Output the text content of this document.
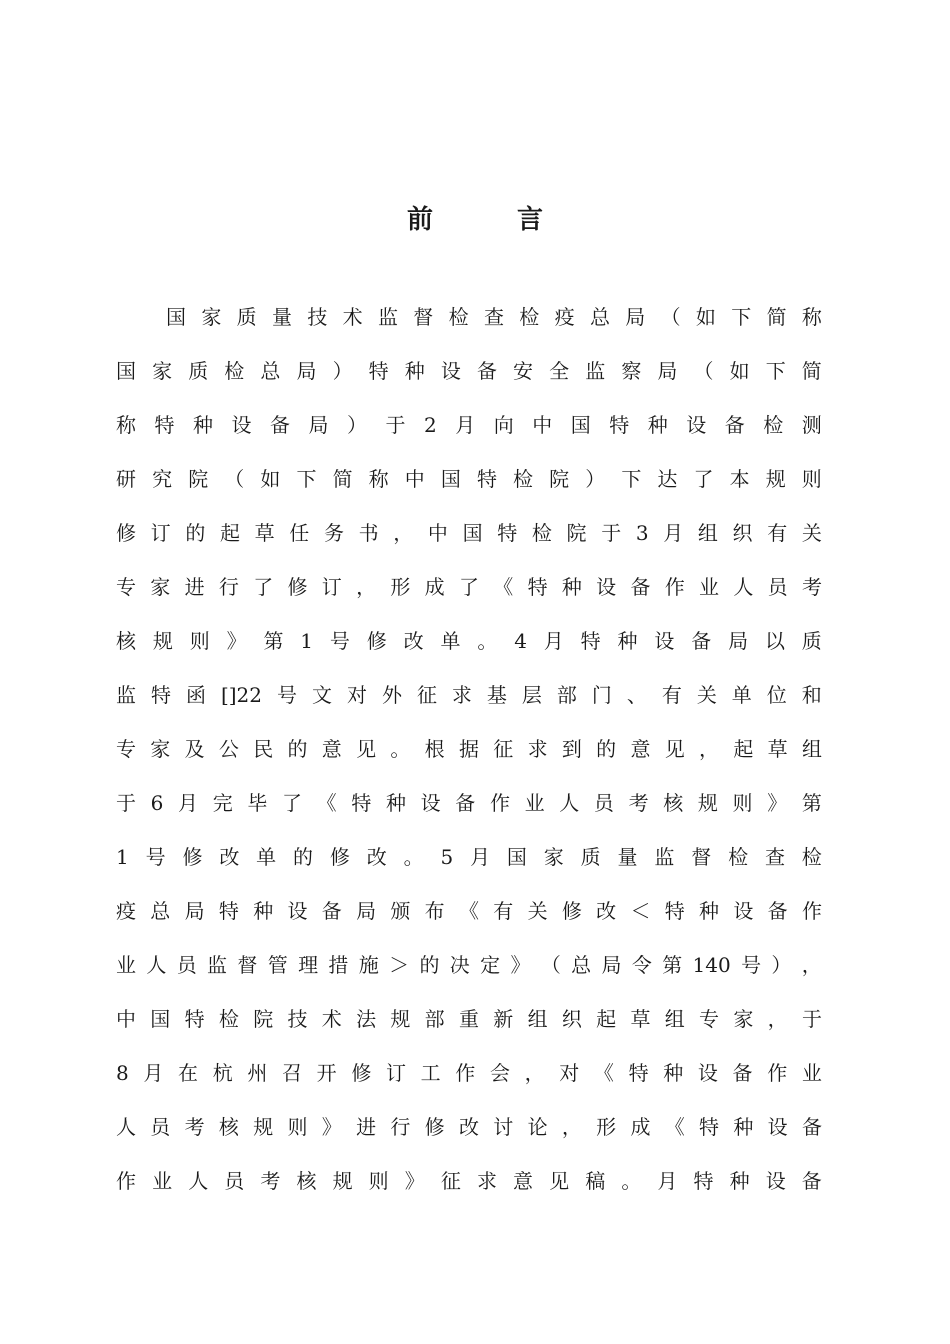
前	言
国 家 质 量 技 术 监 督 检 查 检 疫 总 局 （ 如 下 简 称
国 家 质 检 总 局 ） 特 种 设 备 安 全 监 察 局 （ 如 下 简
称 特 种 设 备 局 ） 于 2 月 向 中 国 特 种 设 备 检 测
研 究 院 （ 如 下 简 称 中 国 特 检 院 ） 下 达 了 本 规 则
修 订 的 起 草 任 务 书 ， 中 国 特 检 院 于 3 月 组 织 有 关
专 家 进 行 了 修 订 ， 形 成 了 《 特 种 设 备 作 业 人 员 考
核 规 则 》 第 1 号 修 改 单 。 4 月 特 种 设 备 局 以 质
监 特 函 []22 号 文 对 外 征 求 基 层 部 门 、 有 关 单 位 和
专 家 及 公 民 的 意 见 。 根 据 征 求 到 的 意 见 ， 起 草 组
于 6 月 完 毕 了 《 特 种 设 备 作 业 人 员 考 核 规 则 》 第
1 号 修 改 单 的 修 改 。 5 月 国 家 质 量 监 督 检 查 检
疫 总 局 特 种 设 备 局 颁 布 《 有 关 修 改 ＜ 特 种 设 备 作
业 人 员 监 督 管 理 措 施 ＞ 的 决 定 》 （ 总 局 令 第 140 号 ） ，
中 国 特 检 院 技 术 法 规 部 重 新 组 织 起 草 组 专 家 ， 于
8 月 在 杭 州 召 开 修 订 工 作 会 ， 对 《 特 种 设 备 作 业
人 员 考 核 规 则 》 进 行 修 改 讨 论 ， 形 成 《 特 种 设 备
作 业 人 员 考 核 规 则 》 征 求 意 见 稿 。 月 特 种 设 备
